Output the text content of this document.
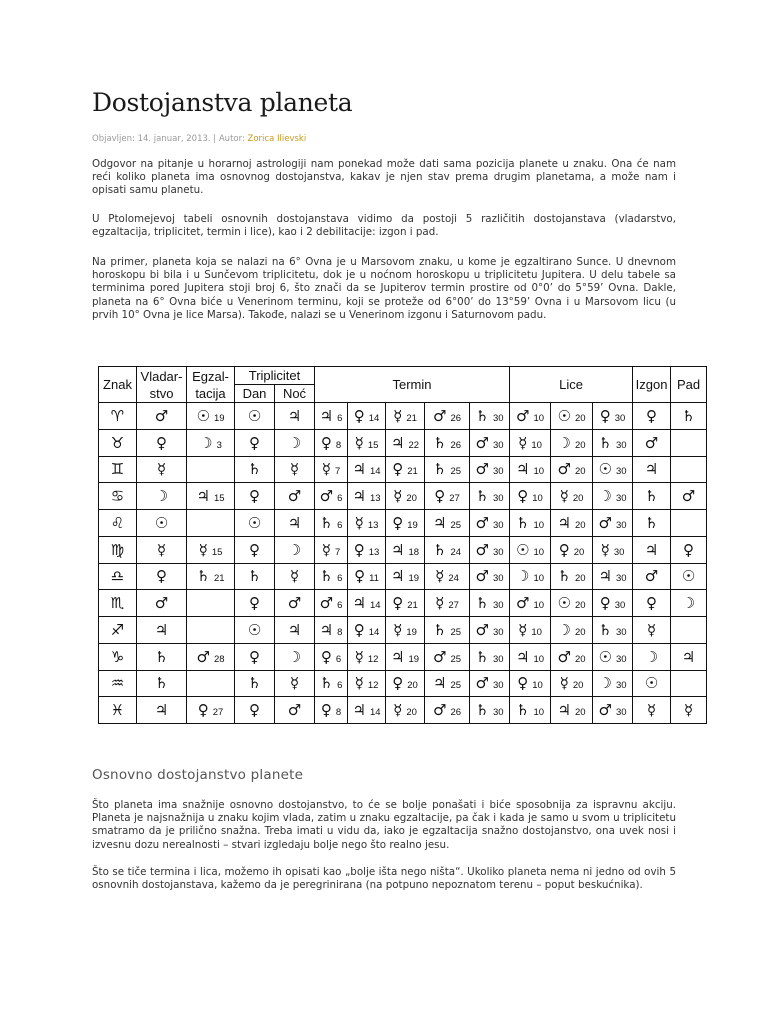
Dostojanstva planeta
Objavljen: 14. januar, 2013. | Autor: Zorica Ilievski

Odgovor na pitanje u horarnoj astrologiji nam ponekad može dati sama pozicija planete u znaku. Ona će nam reći koliko planeta ima osnovnog dostojanstva, kakav je njen stav prema drugim planetama, a može nam i opisati samu planetu.

U Ptolomejevoj tabeli osnovnih dostojanstava vidimo da postoji 5 različitih dostojanstava (vladarstvo, egzaltacija, triplicitet, termin i lice), kao i 2 debilitacije: izgon i pad.

Na primer, planeta koja se nalazi na 6° Ovna je u Marsovom znaku, u kome je egzaltirano Sunce. U dnevnom horoskopu bi bila i u Sunčevom triplicitetu, dok je u noćnom horoskopu u triplicitetu Jupitera. U delu tabele sa terminima pored Jupitera stoji broj 6, što znači da se Jupiterov termin prostire od 0°0’ do 5°59’ Ovna. Dakle, planeta na 6° Ovna biće u Venerinom terminu, koji se proteže od 6°00’ do 13°59’ Ovna i u Marsovom licu (u prvih 10° Ovna je lice Marsa). Takođe, nalazi se u Venerinom izgonu i Saturnovom padu.

Znak	Vladar- stvo	Egzal- tacija	Triplicitet		Termin					Lice			Izgon	Pad
			Dan	Noć										
♈︎	♂︎	☉︎ 19	☉︎	♃︎	♃︎ 6	♀︎ 14	☿︎ 21	♂︎ 26	♄︎ 30	♂︎ 10	☉︎ 20	♀︎ 30	♀︎	♄︎
♉︎	♀︎	☽︎ 3	♀︎	☽︎	♀︎ 8	☿︎ 15	♃︎ 22	♄︎ 26	♂︎ 30	☿︎ 10	☽︎ 20	♄︎ 30	♂︎	
♊︎	☿︎		♄︎	☿︎	☿︎ 7	♃︎ 14	♀︎ 21	♄︎ 25	♂︎ 30	♃︎ 10	♂︎ 20	☉︎ 30	♃︎	
♋︎	☽︎	♃︎ 15	♀︎	♂︎	♂︎ 6	♃︎ 13	☿︎ 20	♀︎ 27	♄︎ 30	♀︎ 10	☿︎ 20	☽︎ 30	♄︎	♂︎
♌︎	☉︎		☉︎	♃︎	♄︎ 6	☿︎ 13	♀︎ 19	♃︎ 25	♂︎ 30	♄︎ 10	♃︎ 20	♂︎ 30	♄︎	
♍︎	☿︎	☿︎ 15	♀︎	☽︎	☿︎ 7	♀︎ 13	♃︎ 18	♄︎ 24	♂︎ 30	☉︎ 10	♀︎ 20	☿︎ 30	♃︎	♀︎
♎︎	♀︎	♄︎ 21	♄︎	☿︎	♄︎ 6	♀︎ 11	♃︎ 19	☿︎ 24	♂︎ 30	☽︎ 10	♄︎ 20	♃︎ 30	♂︎	☉︎
♏︎	♂︎		♀︎	♂︎	♂︎ 6	♃︎ 14	♀︎ 21	☿︎ 27	♄︎ 30	♂︎ 10	☉︎ 20	♀︎ 30	♀︎	☽︎
♐︎	♃︎		☉︎	♃︎	♃︎ 8	♀︎ 14	☿︎ 19	♄︎ 25	♂︎ 30	☿︎ 10	☽︎ 20	♄︎ 30	☿︎	
♑︎	♄︎	♂︎ 28	♀︎	☽︎	♀︎ 6	☿︎ 12	♃︎ 19	♂︎ 25	♄︎ 30	♃︎ 10	♂︎ 20	☉︎ 30	☽︎	♃︎
♒︎	♄︎		♄︎	☿︎	♄︎ 6	☿︎ 12	♀︎ 20	♃︎ 25	♂︎ 30	♀︎ 10	☿︎ 20	☽︎ 30	☉︎	
♓︎	♃︎	♀︎ 27	♀︎	♂︎	♀︎ 8	♃︎ 14	☿︎ 20	♂︎ 26	♄︎ 30	♄︎ 10	♃︎ 20	♂︎ 30	☿︎	☿︎
Osnovno dostojanstvo planete

Što planeta ima snažnije osnovno dostojanstvo, to će se bolje ponašati i biće sposobnija za ispravnu akciju. Planeta je najsnažnija u znaku kojim vlada, zatim u znaku egzaltacije, pa čak i kada je samo u svom u triplicitetu smatramo da je prilično snažna. Treba imati u vidu da, iako je egzaltacija snažno dostojanstvo, ona uvek nosi i izvesnu dozu nerealnosti – stvari izgledaju bolje nego što realno jesu.

Što se tiče termina i lica, možemo ih opisati kao „bolje išta nego ništa“. Ukoliko planeta nema ni jedno od ovih 5 osnovnih dostojanstava, kažemo da je peregrinirana (na potpuno nepoznatom terenu – poput beskućnika).
